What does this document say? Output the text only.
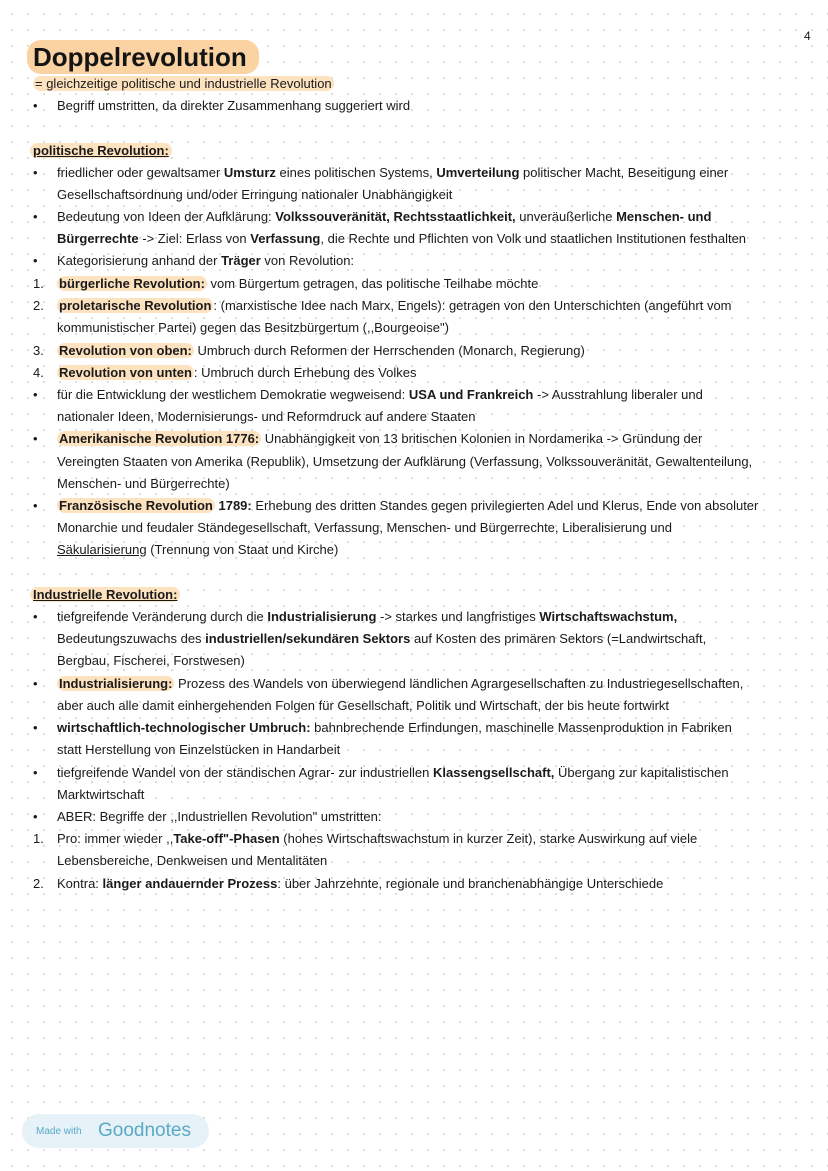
4
Doppelrevolution
= gleichzeitige politische und industrielle Revolution
• Begriff umstritten, da direkter Zusammenhang suggeriert wird
politische Revolution:
• friedlicher oder gewaltsamer Umsturz eines politischen Systems, Umverteilung politischer Macht, Beseitigung einer
Gesellschaftsordnung und/oder Erringung nationaler Unabhängigkeit
• Bedeutung von Ideen der Aufklärung: Volkssouveränität, Rechtsstaatlichkeit, unveräußerliche Menschen- und
Bürgerrechte -> Ziel: Erlass von Verfassung, die Rechte und Pflichten von Volk und staatlichen Institutionen festhalten
• Kategorisierung anhand der Träger von Revolution:
1. bürgerliche Revolution: vom Bürgertum getragen, das politische Teilhabe möchte
2. proletarische Revolution : (marxistische Idee nach Marx, Engels): getragen von den Unterschichten (angeführt vom
kommunistischer Partei) gegen das Besitzbürgertum (,,Bourgeoise")
3. Revolution von oben: Umbruch durch Reformen der Herrschenden (Monarch, Regierung)
4. Revolution von unten : Umbruch durch Erhebung des Volkes
• für die Entwicklung der westlichem Demokratie wegweisend: USA und Frankreich -> Ausstrahlung liberaler und
nationaler Ideen, Modernisierungs- und Reformdruck auf andere Staaten
• Amerikanische Revolution 1776: Unabhängigkeit von 13 britischen Kolonien in Nordamerika -> Gründung der
Vereingten Staaten von Amerika (Republik), Umsetzung der Aufklärung (Verfassung, Volkssouveränität, Gewaltenteilung,
Menschen- und Bürgerrechte)
• Französische Revolution 1789: Erhebung des dritten Standes gegen privilegierten Adel und Klerus, Ende von absoluter
Monarchie und feudaler Ständegesellschaft, Verfassung, Menschen- und Bürgerrechte, Liberalisierung und
Säkularisierung (Trennung von Staat und Kirche)
Industrielle Revolution:
• tiefgreifende Veränderung durch die Industrialisierung -> starkes und langfristiges Wirtschaftswachstum,
Bedeutungszuwachs des industriellen/sekundären Sektors auf Kosten des primären Sektors (=Landwirtschaft,
Bergbau, Fischerei, Forstwesen)
• Industrialisierung: Prozess des Wandels von überwiegend ländlichen Agrargesellschaften zu Industriegesellschaften,
aber auch alle damit einhergehenden Folgen für Gesellschaft, Politik und Wirtschaft, der bis heute fortwirkt
• wirtschaftlich-technologischer Umbruch: bahnbrechende Erfindungen, maschinelle Massenproduktion in Fabriken
statt Herstellung von Einzelstücken in Handarbeit
• tiefgreifende Wandel von der ständischen Agrar- zur industriellen Klassengsellschaft, Übergang zur kapitalistischen
Marktwirtschaft
• ABER: Begriffe der ,,Industriellen Revolution" umstritten:
1. Pro: immer wieder ,,Take-off"-Phasen (hohes Wirtschaftswachstum in kurzer Zeit), starke Auswirkung auf viele
Lebensbereiche, Denkweisen und Mentalitäten
2. Kontra: länger andauernder Prozess: über Jahrzehnte, regionale und branchenabhängige Unterschiede
Made with Goodnotes
